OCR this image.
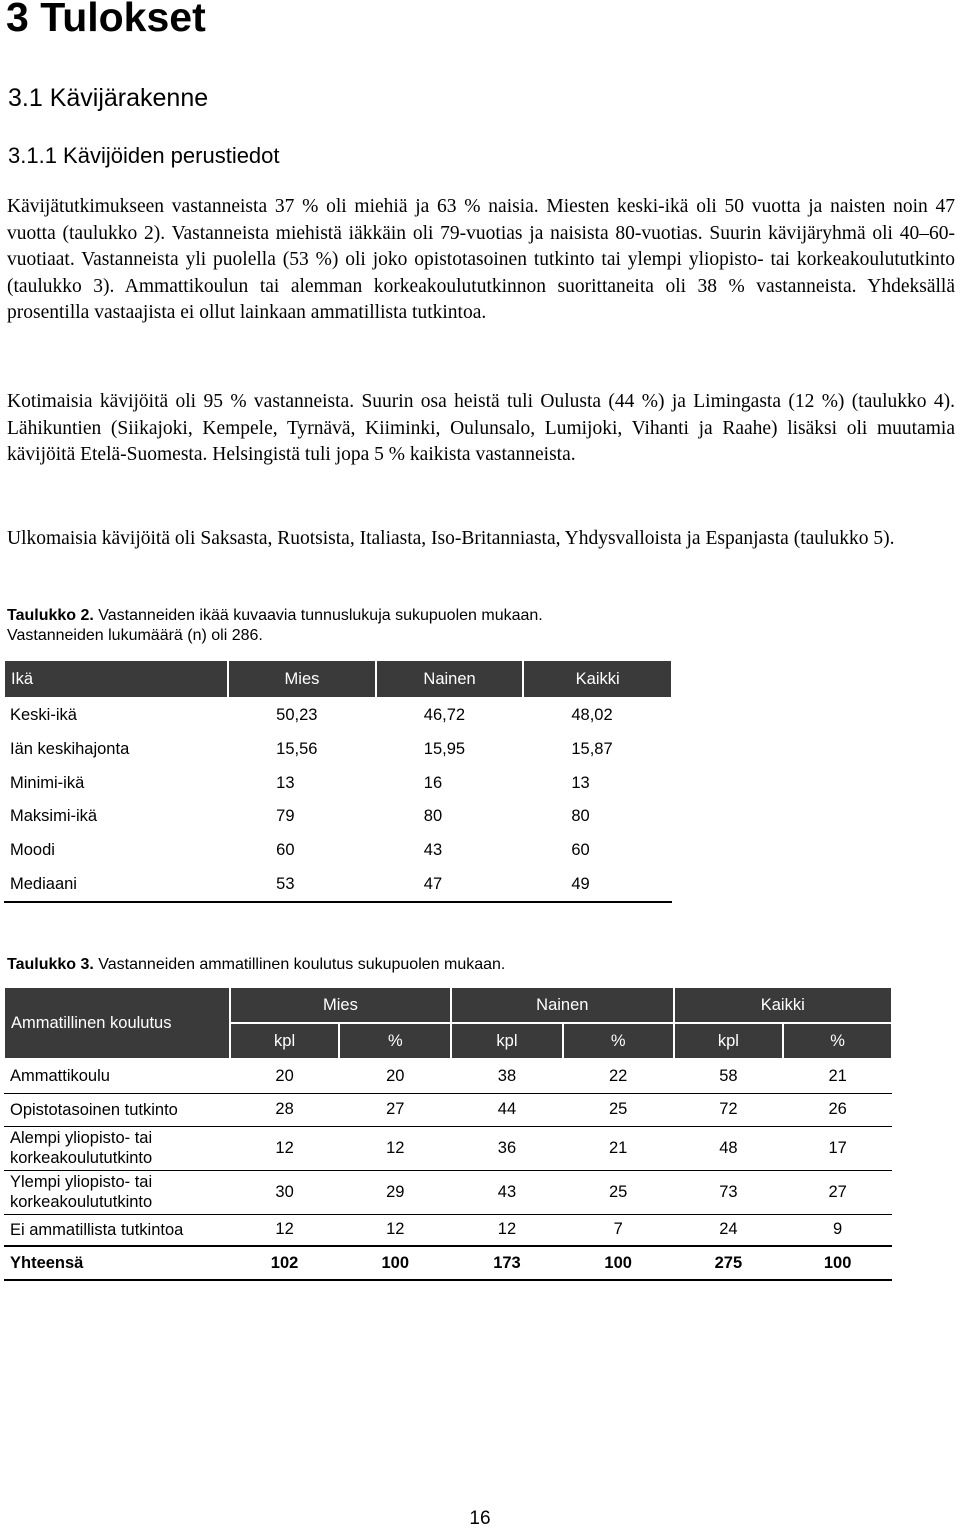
3 Tulokset
3.1 Kävijärakenne
3.1.1 Kävijöiden perustiedot
Kävijätutkimukseen vastanneista 37 % oli miehiä ja 63 % naisia. Miesten keski-ikä oli 50 vuotta ja naisten noin 47 vuotta (taulukko 2). Vastanneista miehistä iäkkäin oli 79-vuotias ja naisista 80-vuotias. Suurin kävijäryhmä oli 40–60-vuotiaat. Vastanneista yli puolella (53 %) oli joko opistotasoinen tutkinto tai ylempi yliopisto- tai korkeakoulututkinto (taulukko 3). Ammattikoulun tai alemman korkeakoulututkinnon suorittaneita oli 38 % vastanneista. Yhdeksällä prosentilla vastaajista ei ollut lainkaan ammatillista tutkintoa.
Kotimaisia kävijöitä oli 95 % vastanneista. Suurin osa heistä tuli Oulusta (44 %) ja Limingasta (12 %) (taulukko 4). Lähikuntien (Siikajoki, Kempele, Tyrnävä, Kiiminki, Oulunsalo, Lumijoki, Vihanti ja Raahe) lisäksi oli muutamia kävijöitä Etelä-Suomesta. Helsingistä tuli jopa 5 % kaikista vastanneista.
Ulkomaisia kävijöitä oli Saksasta, Ruotsista, Italiasta, Iso-Britanniasta, Yhdysvalloista ja Espanjasta (taulukko 5).

Taulukko 2. Vastanneiden ikää kuvaavia tunnuslukuja sukupuolen mukaan.

Vastanneiden lukumäärä (n) oli 286.

Ikä	Mies	Nainen	Kaikki
Keski-ikä	50,23	46,72	48,02
Iän keskihajonta	15,56	15,95	15,87
Minimi-ikä	13	16	13
Maksimi-ikä	79	80	80
Moodi	60	43	60
Mediaani	53	47	49

Taulukko 3. Vastanneiden ammatillinen koulutus sukupuolen mukaan.

Ammatillinen koulutus	Mies		Nainen		Kaikki	
	kpl	%	kpl	%	kpl	%
Ammattikoulu	20	20	38	22	58	21
Opistotasoinen tutkinto	28	27	44	25	72	26
Alempi yliopisto- tai korkeakoulututkinto	12	12	36	21	48	17
Ylempi yliopisto- tai korkeakoulututkinto	30	29	43	25	73	27
Ei ammatillista tutkintoa	12	12	12	7	24	9
Yhteensä	102	100	173	100	275	100
16
